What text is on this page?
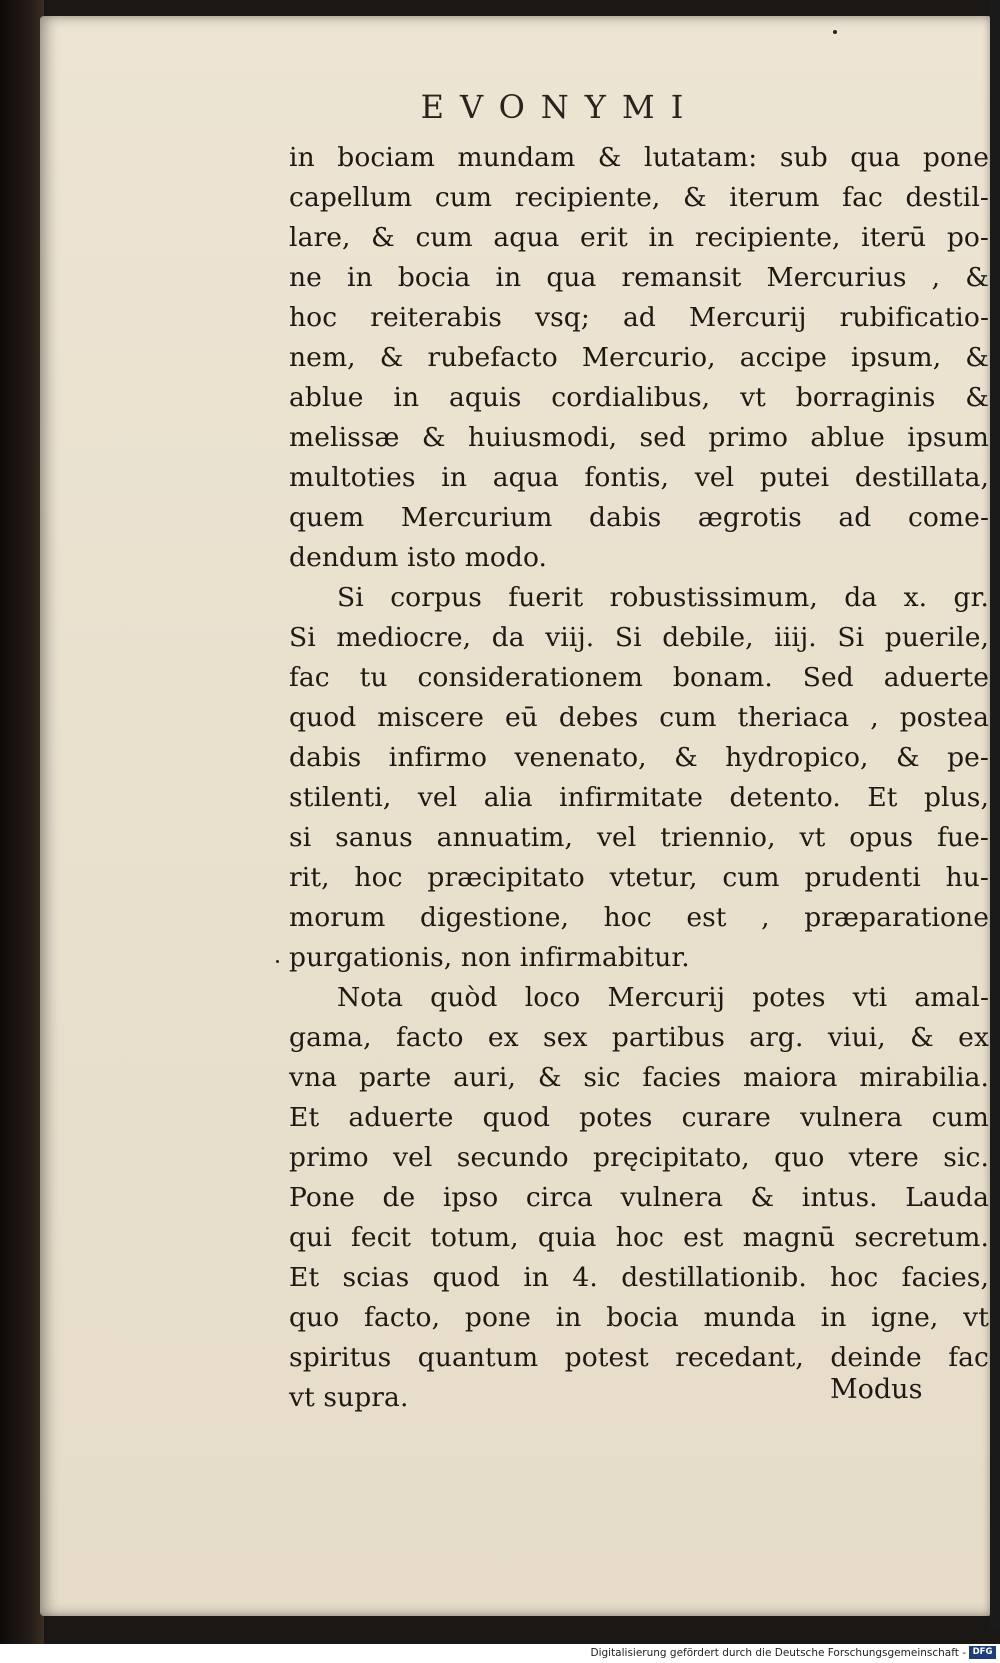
EVONYMI
in bociam mundam & lutatam: sub qua pone
capellum cum recipiente, & iterum fac destil-
lare, & cum aqua erit in recipiente, iterū po-
ne in bocia in qua remansit Mercurius , &
hoc reiterabis vsq; ad Mercurij rubificatio-
nem, & rubefacto Mercurio, accipe ipsum, &
ablue in aquis cordialibus, vt borraginis &
melissæ & huiusmodi, sed primo ablue ipsum
multoties in aqua fontis, vel putei destillata,
quem Mercurium dabis ægrotis ad come-
dendum isto modo.
Si corpus fuerit robustissimum, da x. gr.
Si mediocre, da viij. Si debile, iiij. Si puerile,
fac tu considerationem bonam. Sed aduerte
quod miscere eū debes cum theriaca , postea
dabis infirmo venenato, & hydropico, & pe-
stilenti, vel alia infirmitate detento. Et plus,
si sanus annuatim, vel triennio, vt opus fue-
rit, hoc præcipitato vtetur, cum prudenti hu-
morum digestione, hoc est , præparatione
purgationis, non infirmabitur.
Nota quòd loco Mercurij potes vti amal-
gama, facto ex sex partibus arg. viui, & ex
vna parte auri, & sic facies maiora mirabilia.
Et aduerte quod potes curare vulnera cum
primo vel secundo pręcipitato, quo vtere sic.
Pone de ipso circa vulnera & intus. Lauda
qui fecit totum, quia hoc est magnū secretum.
Et scias quod in 4. destillationib. hoc facies,
quo facto, pone in bocia munda in igne, vt
spiritus quantum potest recedant, deinde fac
vt supra.	Modus
Digitalisierung gefördert durch die Deutsche Forschungsgemeinschaft - DFG
